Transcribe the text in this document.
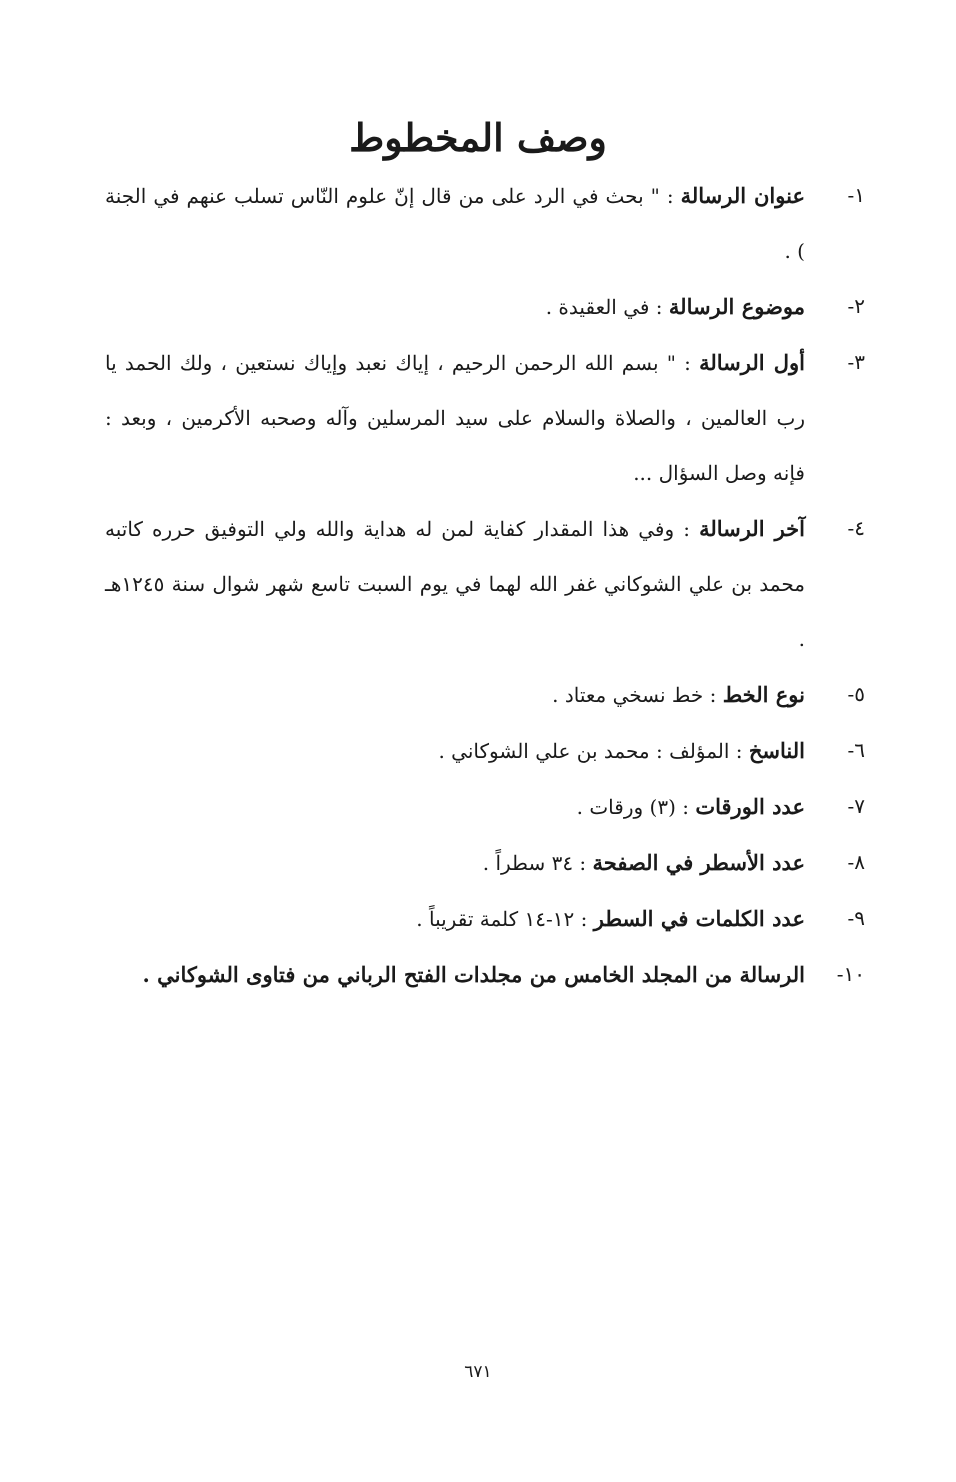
وصف المخطوط
١-
عنوان الرسالة : " بحث في الرد على من قال إنّ علوم النّاس تسلب عنهم في الجنة ) .
٢-
موضوع الرسالة : في العقيدة .
٣-
أول الرسالة : " بسم الله الرحمن الرحيم ، إياك نعبد وإياك نستعين ، ولك الحمد يا رب العالمين ، والصلاة والسلام على سيد المرسلين وآله وصحبه الأكرمين ، وبعد : فإنه وصل السؤال ...
٤-
آخر الرسالة : وفي هذا المقدار كفاية لمن له هداية والله ولي التوفيق حرره كاتبه محمد بن علي الشوكاني غفر الله لهما في يوم السبت تاسع شهر شوال سنة ١٢٤٥هـ .
٥-
نوع الخط : خط نسخي معتاد .
٦-
الناسخ : المؤلف : محمد بن علي الشوكاني .
٧-
عدد الورقات : (٣) ورقات .
٨-
عدد الأسطر في الصفحة : ٣٤ سطراً .
٩-
عدد الكلمات في السطر : ١٢-١٤ كلمة تقريباً .
١٠-
الرسالة من المجلد الخامس من مجلدات الفتح الرباني من فتاوى الشوكاني .
٦٧١
